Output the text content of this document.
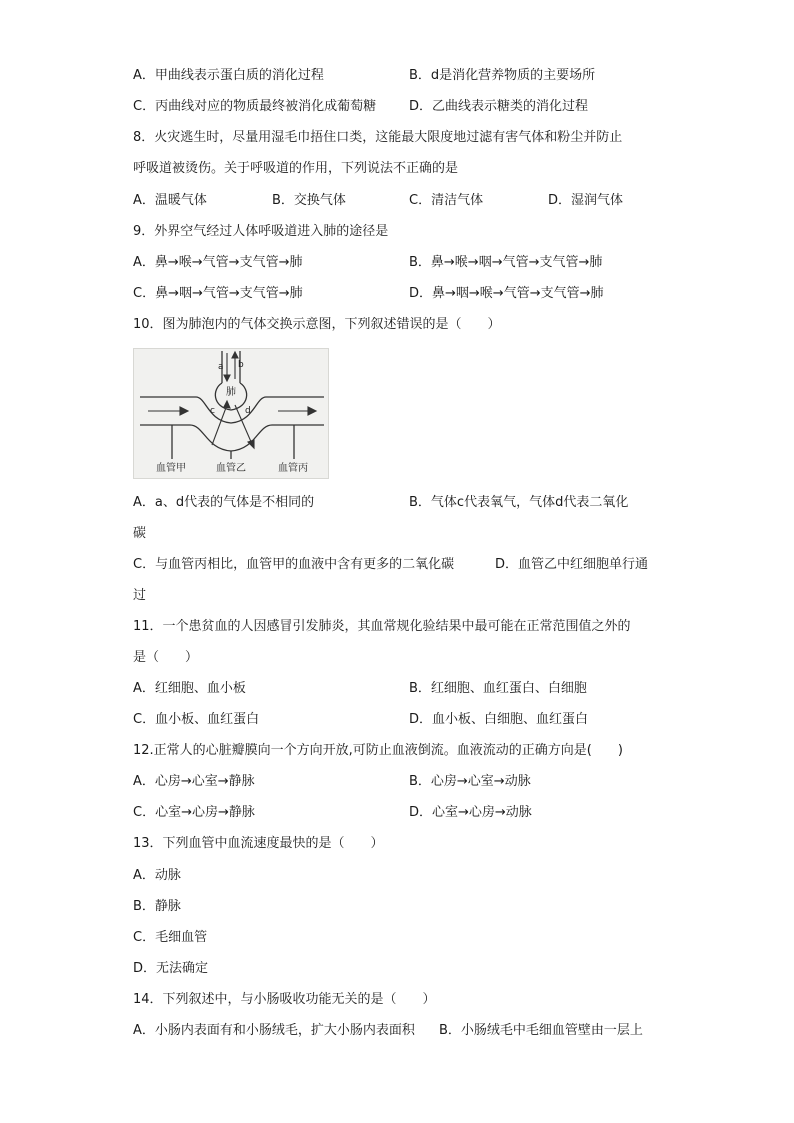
A．甲曲线表示蛋白质的消化过程	B．d是消化营养物质的主要场所
C．丙曲线对应的物质最终被消化成葡萄糖	D．乙曲线表示糖类的消化过程
8．火灾逃生时，尽量用湿毛巾捂住口类，这能最大限度地过滤有害气体和粉尘并防止
呼吸道被烫伤。关于呼吸道的作用，下列说法不正确的是
A．温暖气体	B．交换气体	C．清洁气体	D．湿润气体
9．外界空气经过人体呼吸道进入肺的途径是
A．鼻→喉→气管→支气管→肺	B．鼻→喉→咽→气管→支气管→肺
C．鼻→咽→气管→支气管→肺	D．鼻→咽→喉→气管→支气管→肺
10．图为肺泡内的气体交换示意图，下列叙述错误的是（　　）
a b
肺
c	d
血管甲	血管乙	血管丙
A．a、d代表的气体是不相同的	B．气体c代表氧气，气体d代表二氧化
碳
C．与血管丙相比，血管甲的血液中含有更多的二氧化碳	D．血管乙中红细胞单行通
过
11．一个患贫血的人因感冒引发肺炎，其血常规化验结果中最可能在正常范围值之外的
是（　　）
A．红细胞、血小板	B．红细胞、血红蛋白、白细胞
C．血小板、血红蛋白	D．血小板、白细胞、血红蛋白
12.正常人的心脏瓣膜向一个方向开放,可防止血液倒流。血液流动的正确方向是(　　)
A．心房→心室→静脉	B．心房→心室→动脉
C．心室→心房→静脉	D．心室→心房→动脉
13．下列血管中血流速度最快的是（　　）
A．动脉
B．静脉
C．毛细血管
D．无法确定
14．下列叙述中，与小肠吸收功能无关的是（　　）
A．小肠内表面有和小肠绒毛，扩大小肠内表面积 B．小肠绒毛中毛细血管壁由一层上
